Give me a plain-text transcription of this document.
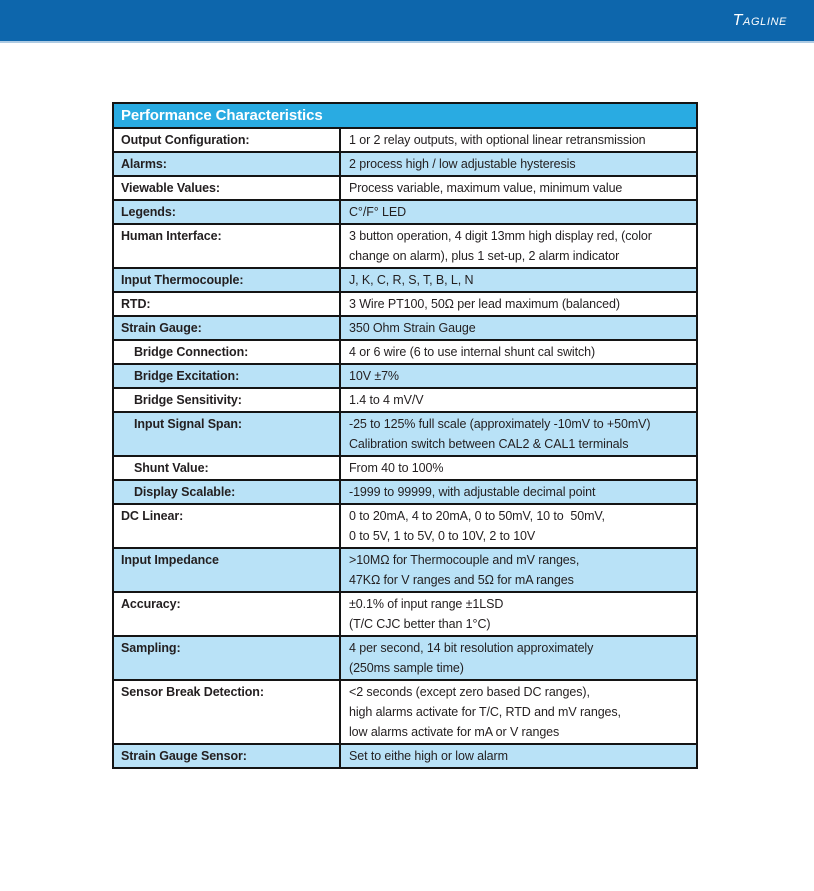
Tagline
Performance Characteristics
Output Configuration:	1 or 2 relay outputs, with optional linear retransmission
Alarms:	2 process high / low adjustable hysteresis
Viewable Values:	Process variable, maximum value, minimum value
Legends:	C°/F° LED
Human Interface:	3 button operation, 4 digit 13mm high display red, (color
change on alarm), plus 1 set-up, 2 alarm indicator
Input Thermocouple:	J, K, C, R, S, T, B, L, N
RTD:	3 Wire PT100, 50Ω per lead maximum (balanced)
Strain Gauge:	350 Ohm Strain Gauge
Bridge Connection:	4 or 6 wire (6 to use internal shunt cal switch)
Bridge Excitation:	10V ±7%
Bridge Sensitivity:	1.4 to 4 mV/V
Input Signal Span:	-25 to 125% full scale (approximately -10mV to +50mV)
Calibration switch between CAL2 & CAL1 terminals
Shunt Value:	From 40 to 100%
Display Scalable:	-1999 to 99999, with adjustable decimal point
DC Linear:	0 to 20mA, 4 to 20mA, 0 to 50mV, 10 to  50mV,
0 to 5V, 1 to 5V, 0 to 10V, 2 to 10V
Input Impedance	>10MΩ for Thermocouple and mV ranges,
47KΩ for V ranges and 5Ω for mA ranges
Accuracy:	±0.1% of input range ±1LSD
(T/C CJC better than 1°C)
Sampling:	4 per second, 14 bit resolution approximately
(250ms sample time)
Sensor Break Detection:	<2 seconds (except zero based DC ranges),
high alarms activate for T/C, RTD and mV ranges,
low alarms activate for mA or V ranges
Strain Gauge Sensor:	Set to eithe high or low alarm
